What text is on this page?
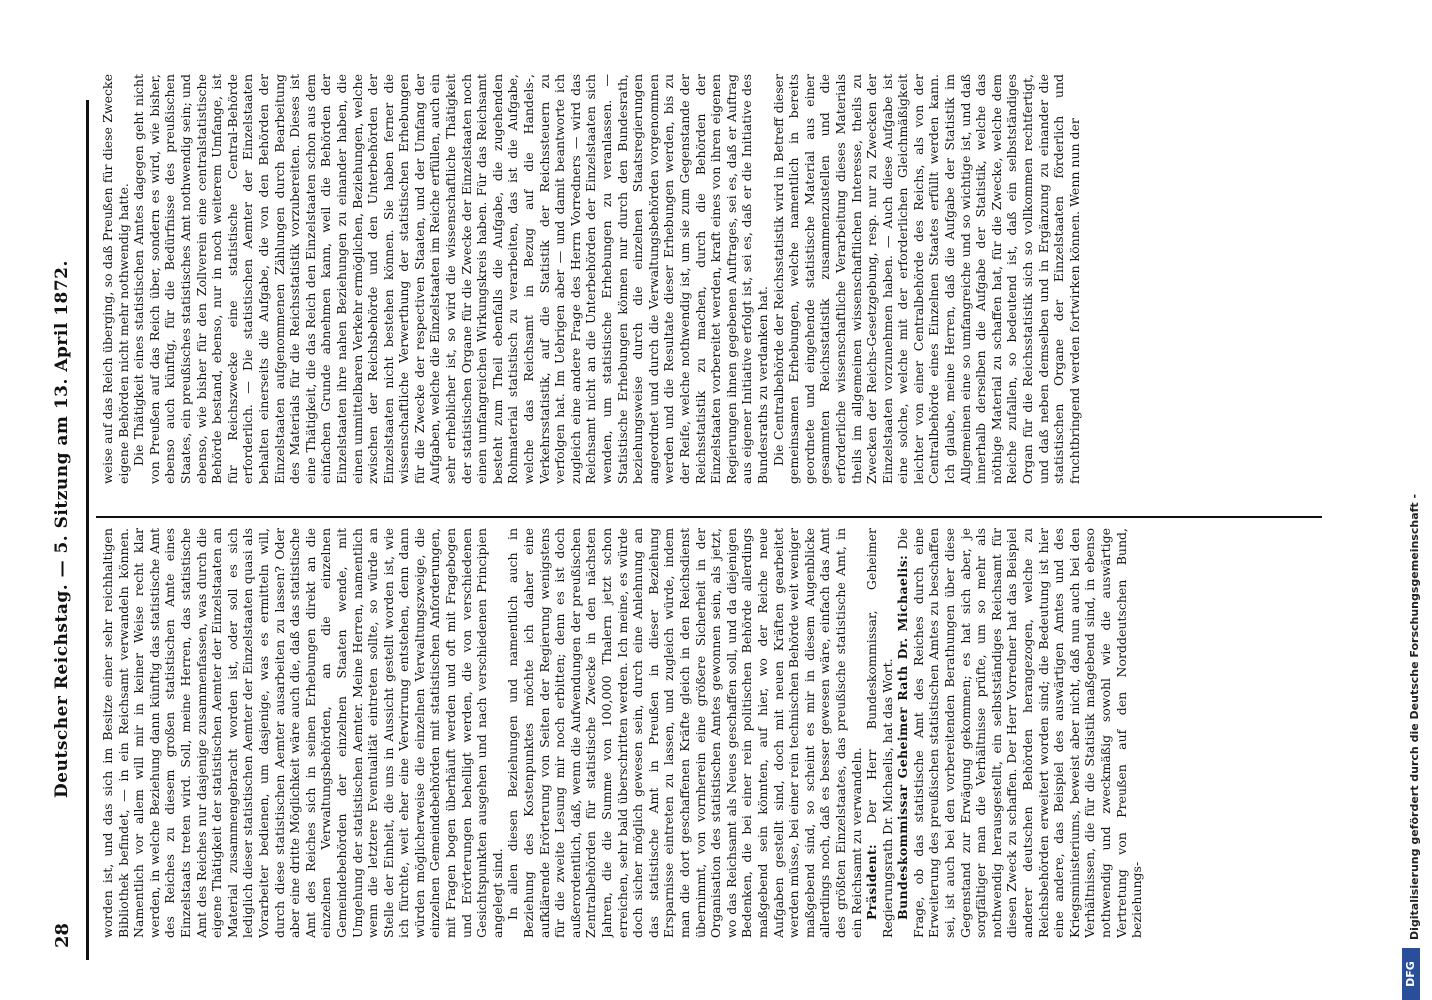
28
Deutscher Reichstag. — 5. Sitzung am 13. April 1872. worden ist, und das sich im Besitze einer sehr reichhaltigen Bibliothek befindet, — in ein Reichsamt verwandeln können. Namentlich vor allem will mir in keiner Weise recht klar werden, in welche Beziehung dann künftig das statistische Amt des Reiches zu diesem großen statistischen Amte eines Einzelstaats treten wird. Soll, meine Herren, das statistische Amt des Reiches nur dasjenige zusammenfassen, was durch die eigene Thätigkeit der statistischen Aemter der Einzelstaaten an Material zusammengebracht worden ist, oder soll es sich lediglich dieser statistischen Aemter der Einzelstaaten quasi als Vorarbeiter bedienen, um dasjenige, was es ermitteln will, durch diese statistischen Aemter ausarbeiten zu lassen? Oder aber eine dritte Möglichkeit wäre auch die, daß das statistische Amt des Reiches sich in seinen Erhebungen direkt an die einzelnen Verwaltungsbehörden, an die einzelnen Gemeindebehörden der einzelnen Staaten wende, mit Umgehung der statistischen Aemter. Meine Herren, namentlich wenn die letztere Eventualität eintreten sollte, so würde an Stelle der Einheit, die uns in Aussicht gestellt worden ist, wie ich fürchte, weit eher eine Verwirrung entstehen, denn dann würden möglicherweise die einzelnen Verwaltungszweige, die einzelnen Gemeindebehörden mit statistischen Anforderungen, mit Fragen bogen überhäuft werden und oft mit Fragebogen und Erörterungen behelligt werden, die von verschiedenen Gesichtspunkten ausgehen und nach verschiedenen Principien angelegt sind. In allen diesen Beziehungen und namentlich auch in Beziehung des Kostenpunktes möchte ich daher eine aufklärende Erörterung von Seiten der Regierung wenigstens für die zweite Lesung mir noch erbitten; denn es ist doch außerordentlich, daß, wenn die Aufwendungen der preußischen Zentralbehörden für statistische Zwecke in den nächsten Jahren, die die Summe von 100,000 Thalern jetzt schon erreichen, sehr bald überschritten werden. Ich meine, es würde doch sicher möglich gewesen sein, durch eine Anlehnung an das statistische Amt in Preußen in dieser Beziehung Ersparnisse eintreten zu lassen, und zugleich würde, indem man die dort geschaffenen Kräfte gleich in den Reichsdienst übernimmt, von vornherein eine größere Sicherheit in der Organisation des statistischen Amtes gewonnen sein, als jetzt, wo das Reichsamt als Neues geschaffen soll, und da diejenigen Bedenken, die bei einer rein politischen Behörde allerdings maßgebend sein könnten, auf hier, wo der Reiche neue Aufgaben gestellt sind, doch mit neuen Kräften gearbeitet werden müsse, bei einer rein technischen Behörde weit weniger maßgebend sind, so scheint es mir in diesem Augenblicke allerdings noch, daß es besser gewesen wäre, einfach das Amt des größten Einzelstaates, das preußische statistische Amt, in ein Reichsamt zu verwandeln. Präsident: Der Herr Bundeskommissar, Geheimer Regierungsrath Dr. Michaelis, hat das Wort. Bundeskommissar Geheimer Rath Dr. Michaelis: Die Frage, ob das statistische Amt des Reiches durch eine Erweiterung des preußischen statistischen Amtes zu beschaffen sei, ist auch bei den vorbereitenden Berathungen über diese Gegenstand zur Erwägung gekommen; es hat sich aber, je sorgfältiger man die Verhältnisse prüfte, um so mehr als nothwendig herausgestellt, ein selbstständiges Reichsamt für diesen Zweck zu schaffen. Der Herr Vorredner hat das Beispiel anderer deutschen Behörden herangezogen, welche zu Reichsbehörden erweitert worden sind; die Bedeutung ist hier eine andere, das Beispiel des auswärtigen Amtes und des Kriegsministeriums, beweist aber nicht, daß nun auch bei den Verhältnissen, die für die Statistik maßgebend sind, in ebenso nothwendig und zweckmäßig sowohl wie die auswärtige Vertretung von Preußen auf den Norddeutschen Bund, beziehungs-

weise auf das Reich überging, so daß Preußen für diese Zwecke eigene Behörden nicht mehr nothwendig hatte. Die Thätigkeit eines statistischen Amtes dagegen geht nicht von Preußen auf das Reich über, sondern es wird, wie bisher, ebenso auch künftig, für die Bedürfnisse des preußischen Staates, ein preußisches statistisches Amt nothwendig sein; und ebenso, wie bisher für den Zollverein eine centralstatistische Behörde bestand, ebenso, nur in noch weiterem Umfange, ist für Reichszwecke eine statistische Central-Behörde erforderlich. — Die statistischen Aemter der Einzelstaaten behalten einerseits die Aufgabe, die von den Behörden der Einzelstaaten aufgenommenen Zählungen durch Bearbeitung des Materials für die Reichsstatistik vorzubereiten. Dieses ist eine Thätigkeit, die das Reich den Einzelstaaten schon aus dem einfachen Grunde abnehmen kann, weil die Behörden der Einzelstaaten ihre nahen Beziehungen zu einander haben, die einen unmittelbaren Verkehr ermöglichen, Beziehungen, welche zwischen der Reichsbehörde und den Unterbehörden der Einzelstaaten nicht bestehen können. Sie haben ferner die wissenschaftliche Verwerthung der statistischen Erhebungen für die Zwecke der respectiven Staaten, und der Umfang der Aufgaben, welche die Einzelstaaten im Reiche erfüllen, auch ein sehr erheblicher ist, so wird die wissenschaftliche Thätigkeit der statistischen Organe für die Zwecke der Einzelstaaten noch einen umfangreichen Wirkungskreis haben. Für das Reichsamt besteht zum Theil ebenfalls die Aufgabe, die zugehenden Rohmaterial statistisch zu verarbeiten, das ist die Aufgabe, welche das Reichsamt in Bezug auf die Handels-, Verkehrsstatistik, auf die Statistik der Reichssteuern zu verfolgen hat. Im Uebrigen aber — und damit beantworte ich zugleich eine andere Frage des Herrn Vorredners — wird das Reichsamt nicht an die Unterbehörden der Einzelstaaten sich wenden, um statistische Erhebungen zu veranlassen. — Statistische Erhebungen können nur durch den Bundesrath, beziehungsweise durch die einzelnen Staatsregierungen angeordnet und durch die Verwaltungsbehörden vorgenommen werden und die Resultate dieser Erhebungen werden, bis zu der Reife, welche nothwendig ist, um sie zum Gegenstande der Reichsstatistik zu machen, durch die Behörden der Einzelstaaten vorbereitet werden, kraft eines von ihren eigenen Regierungen ihnen gegebenen Auftrages, sei es, daß er Auftrag aus eigener Initiative erfolgt ist, sei es, daß er die Initiative des Bundesraths zu verdanken hat. Die Centralbehörde der Reichsstatistik wird in Betreff dieser gemeinsamen Erhebungen, welche namentlich in bereits geordnete und eingehende statistische Material aus einer gesammten Reichsstatistik zusammenzustellen und die erforderliche wissenschaftliche Verarbeitung dieses Materials theils im allgemeinen wissenschaftlichen Interesse, theils zu Zwecken der Reichs-Gesetzgebung, resp. nur zu Zwecken der Einzelstaaten vorzunehmen haben. — Auch diese Aufgabe ist eine solche, welche mit der erforderlichen Gleichmäßigkeit leichter von einer Centralbehörde des Reichs, als von der Centralbehörde eines Einzelnen Staates erfüllt werden kann. Ich glaube, meine Herren, daß die Aufgabe der Statistik im Allgemeinen eine so umfangreiche und so wichtige ist, und daß innerhalb derselben die Aufgabe der Statistik, welche das nöthige Material zu schaffen hat, für die Zwecke, welche dem Reiche zufallen, so bedeutend ist, daß ein selbstständiges Organ für die Reichsstatistik sich so vollkommen rechtfertigt, und daß neben demselben und in Ergänzung zu einander die statistischen Organe der Einzelstaaten förderlich und fruchtbringend werden fortwirken können. Wenn nun der

DFG
Digitalisierung gefördert durch die Deutsche Forschungsgemeinschaft -
